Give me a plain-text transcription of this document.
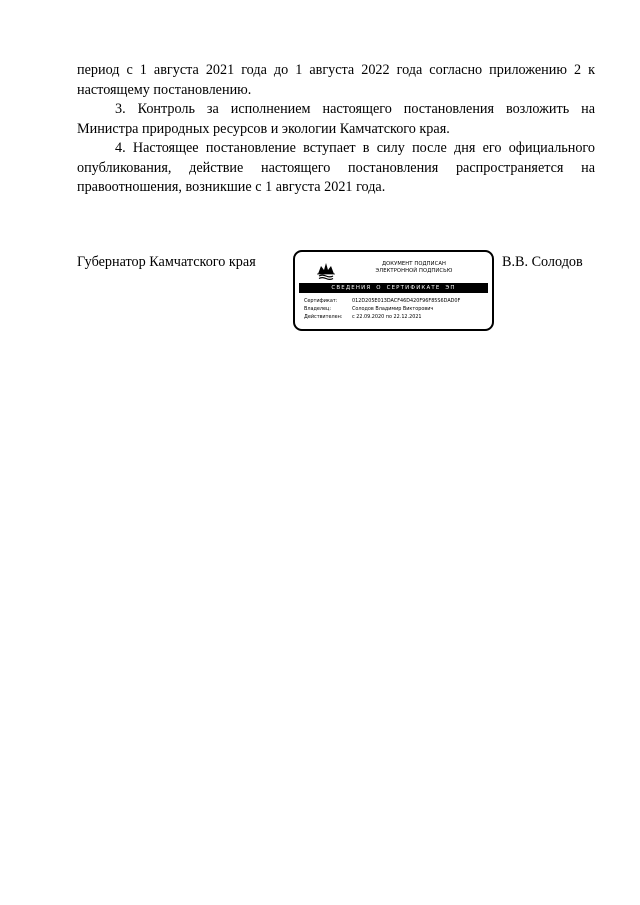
период с 1 августа 2021 года до 1 августа 2022 года согласно приложению 2 к настоящему постановлению.

3. Контроль за исполнением настоящего постановления возложить на Министра природных ресурсов и экологии Камчатского края.

4. Настоящее постановление вступает в силу после дня его официального опубликования, действие настоящего постановления распространяется на правоотношения, возникшие с 1 августа 2021 года.

Губернатор Камчатского края	ДОКУМЕНТ ПОДПИСАН
ЭЛЕКТРОННОЙ ПОДПИСЬЮ
СВЕДЕНИЯ О СЕРТИФИКАТЕ ЭП
Сертификат:	012D205E013DACF46D420F96F85S6DAD0F
Владелец:	Солодов Владимир Викторович
Действителен: с 22.09.2020 по 22.12.2021
В.В. Солодов
